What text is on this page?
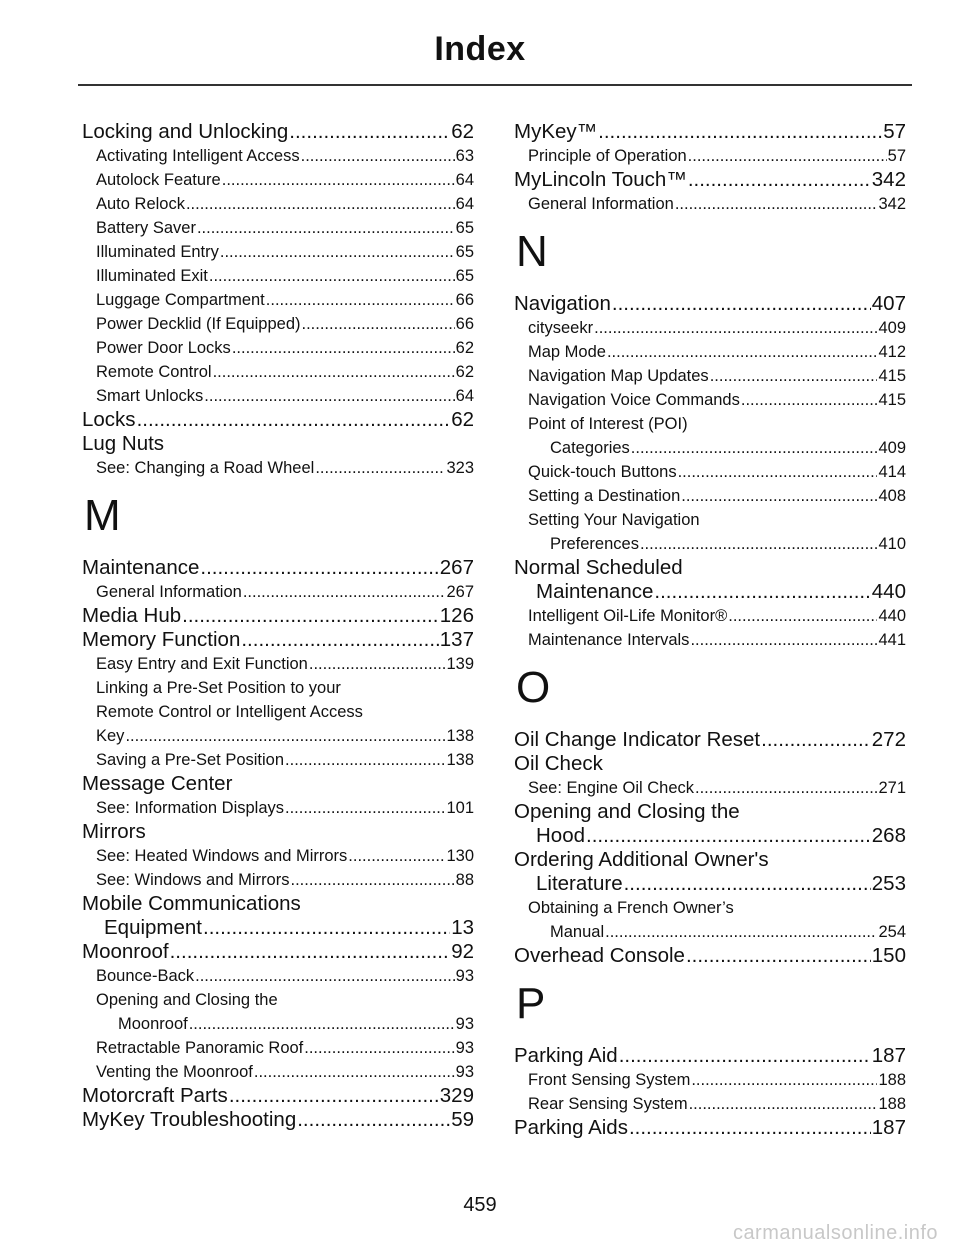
Index
Locking and Unlocking .....	62
Activating Intelligent Access .....	63
Autolock Feature .....	64
Auto Relock .....	64
Battery Saver .....	65
Illuminated Entry .....	65
Illuminated Exit .....	65
Luggage Compartment .....	66
Power Decklid (If Equipped) .....	66
Power Door Locks .....	62
Remote Control .....	62
Smart Unlocks .....	64
Locks .....	62
Lug Nuts
See: Changing a Road Wheel .....	323
M
Maintenance .....	267
General Information .....	267
Media Hub .....	126
Memory Function .....	137
Easy Entry and Exit Function .....	139
Linking a Pre-Set Position to your
Remote Control or Intelligent Access
Key .....	138
Saving a Pre-Set Position .....	138
Message Center
See: Information Displays .....	101
Mirrors
See: Heated Windows and Mirrors .....	130
See: Windows and Mirrors .....	88
Mobile Communications
Equipment .....	13
Moonroof .....	92
Bounce-Back .....	93
Opening and Closing the
Moonroof .....	93
Retractable Panoramic Roof .....	93
Venting the Moonroof .....	93
Motorcraft Parts .....	329
MyKey Troubleshooting .....	59
MyKey™ .....	57
Principle of Operation .....	57
MyLincoln Touch™ .....	342
General Information .....	342
N
Navigation .....	407
cityseekr .....	409
Map Mode .....	412
Navigation Map Updates .....	415
Navigation Voice Commands .....	415
Point of Interest (POI)
Categories .....	409
Quick-touch Buttons .....	414
Setting a Destination .....	408
Setting Your Navigation
Preferences .....	410
Normal Scheduled
Maintenance .....	440
Intelligent Oil-Life Monitor® .....	440
Maintenance Intervals .....	441
O
Oil Change Indicator Reset .....	272
Oil Check
See: Engine Oil Check .....	271
Opening and Closing the
Hood .....	268
Ordering Additional Owner's
Literature .....	253
Obtaining a French Owner’s
Manual .....	254
Overhead Console .....	150
P
Parking Aid .....	187
Front Sensing System .....	188
Rear Sensing System .....	188
Parking Aids .....	187
459
carmanualsonline.info
